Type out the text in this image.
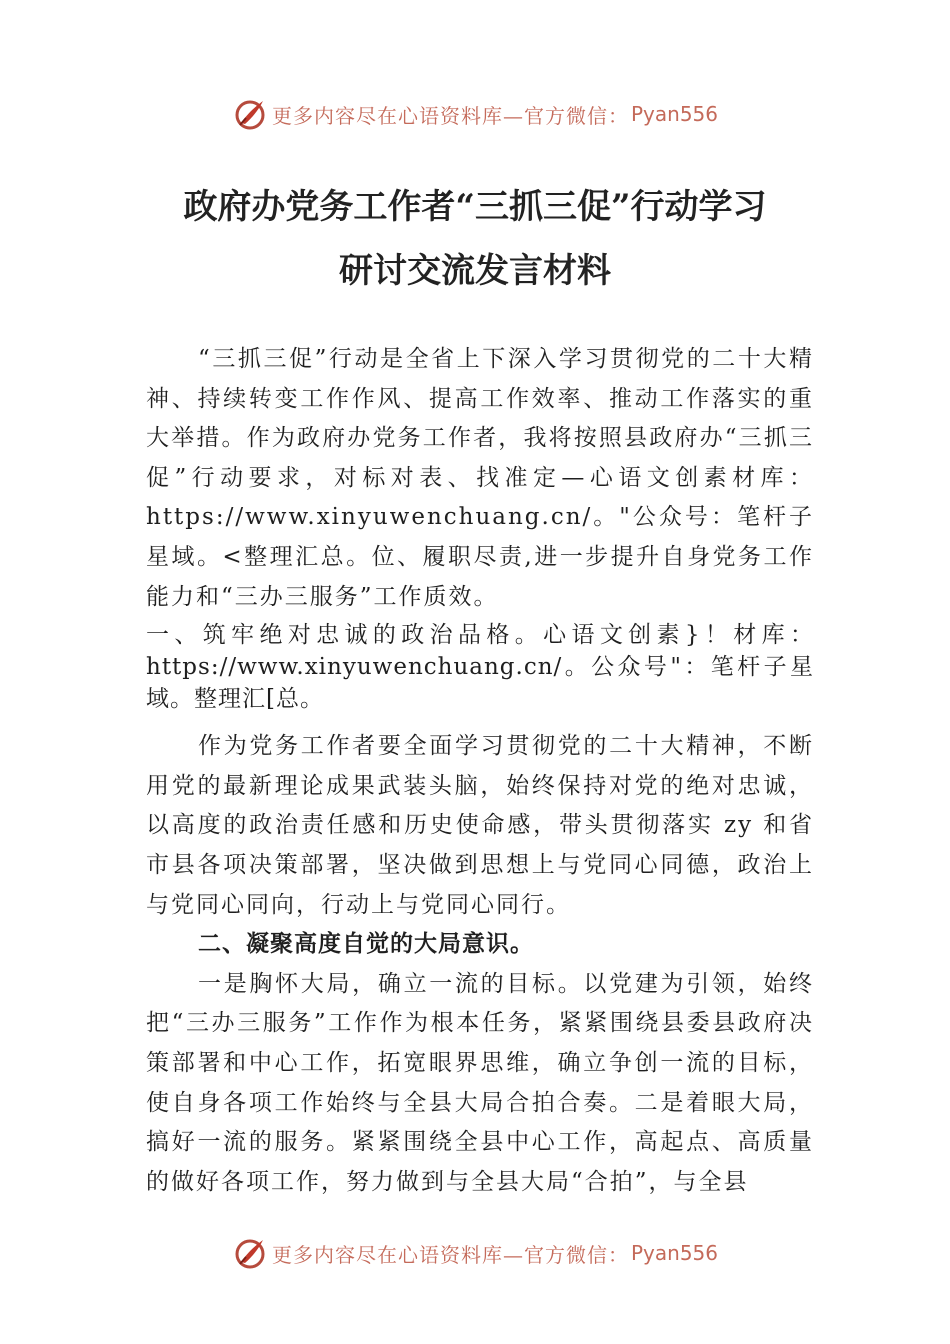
更多内容尽在心语资料库—官方微信： Pyan556
政府办党务工作者“三抓三促”行动学习
研讨交流发言材料

“三抓三促”行动是全省上下深入学习贯彻党的二十大精神、持续转变工作作风、提高工作效率、推动工作落实的重大举措。作为政府办党务工作者，我将按照县政府办“三抓三促”行动要求，对标对表、找准定—心语文创素材库：https://www.xinyuwenchuang.cn/。"公众号：笔杆子星域。<整理汇总。位、履职尽责,进一步提升自身党务工作能力和“三办三服务”工作质效。

一、筑牢绝对忠诚的政治品格。心语文创素}！材库：https://www.xinyuwenchuang.cn/。公众号"：笔杆子星域。整理汇[总。

作为党务工作者要全面学习贯彻党的二十大精神，不断用党的最新理论成果武装头脑，始终保持对党的绝对忠诚， 以高度的政治责任感和历史使命感，带头贯彻落实 zy 和省市县各项决策部署，坚决做到思想上与党同心同德，政治上与党同心同向，行动上与党同心同行。

二、凝聚高度自觉的大局意识。

一是胸怀大局，确立一流的目标。以党建为引领，始终把“三办三服务”工作作为根本任务，紧紧围绕县委县政府决策部署和中心工作，拓宽眼界思维，确立争创一流的目标， 使自身各项工作始终与全县大局合拍合奏。二是着眼大局， 搞好一流的服务。紧紧围绕全县中心工作，高起点、高质量的做好各项工作，努力做到与全县大局“合拍”，与全县

更多内容尽在心语资料库—官方微信： Pyan556
